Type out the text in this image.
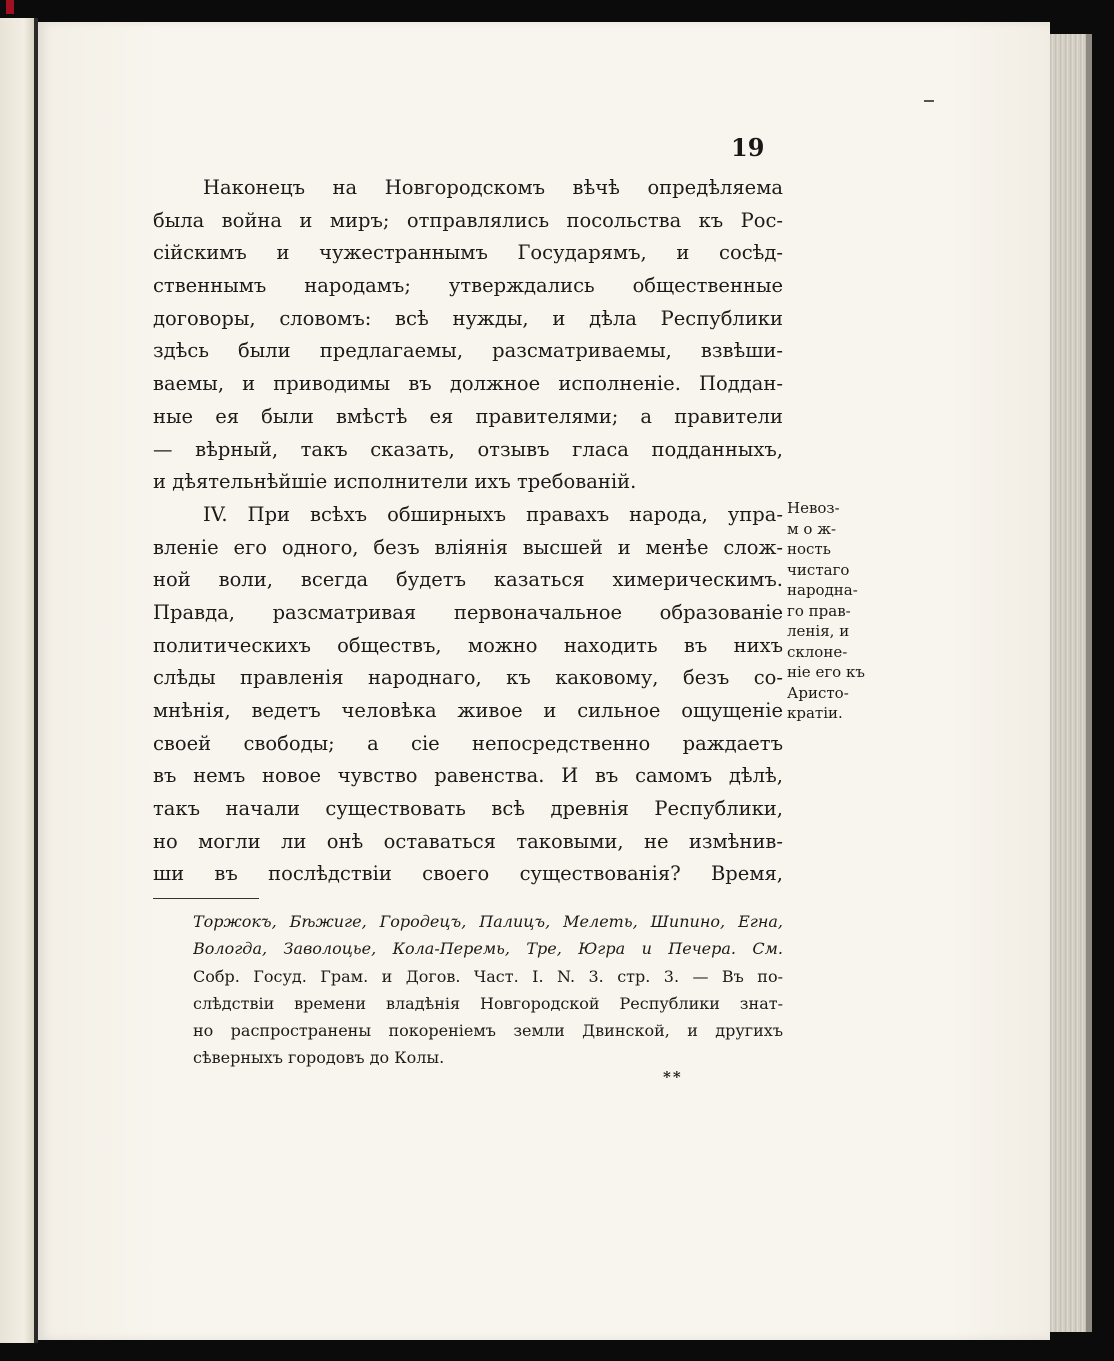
19
Наконецъ на Новгородскомъ вѣчѣ опредѣляема
была война и миръ; отправлялись посольства къ Рос-
сійскимъ и чужестраннымъ Государямъ, и сосѣд-
ственнымъ народамъ; утверждались общественные
договоры, словомъ: всѣ нужды, и дѣла Республики
здѣсь были предлагаемы, разсматриваемы, взвѣши-
ваемы, и приводимы въ должное исполненіе. Поддан-
ные ея были вмѣстѣ ея правителями; а правители
— вѣрный, такъ сказать, отзывъ гласа подданныхъ,
и дѣятельнѣйшіе исполнители ихъ требованій.
IV. При всѣхъ обширныхъ правахъ народа, упра-
вленіе его одного, безъ вліянія высшей и менѣе слож-
ной воли, всегда будетъ казаться химерическимъ.
Правда, разсматривая первоначальное образованіе
политическихъ обществъ, можно находить въ нихъ
слѣды правленія народнаго, къ каковому, безъ со-
мнѣнія, ведетъ человѣка живое и сильное ощущеніе
своей свободы; а сіе непосредственно раждаетъ
въ немъ новое чувство равенства. И въ самомъ дѣлѣ,
такъ начали существовать всѣ древнія Республики,
но могли ли онѣ оставаться таковыми, не измѣнив-
ши въ послѣдствіи своего существованія? Время,
Невоз-
м о ж-
ность
чистаго
народна-
го прав-
ленія, и
склоне-
ніе его къ
Аристо-
кратіи.
Торжокъ, Бѣжиге, Городецъ, Палицъ, Мелеть, Шипино, Егна,
Вологда, Заволоцье, Кола-Перемь, Тре, Югра и Печера. См.
Собр. Госуд. Грам. и Догов. Част. I. N. 3. стр. 3. — Въ по-
слѣдствіи времени владѣнія Новгородской Республики знат-
но распространены покореніемъ земли Двинской, и другихъ
сѣверныхъ городовъ до Колы.
**
